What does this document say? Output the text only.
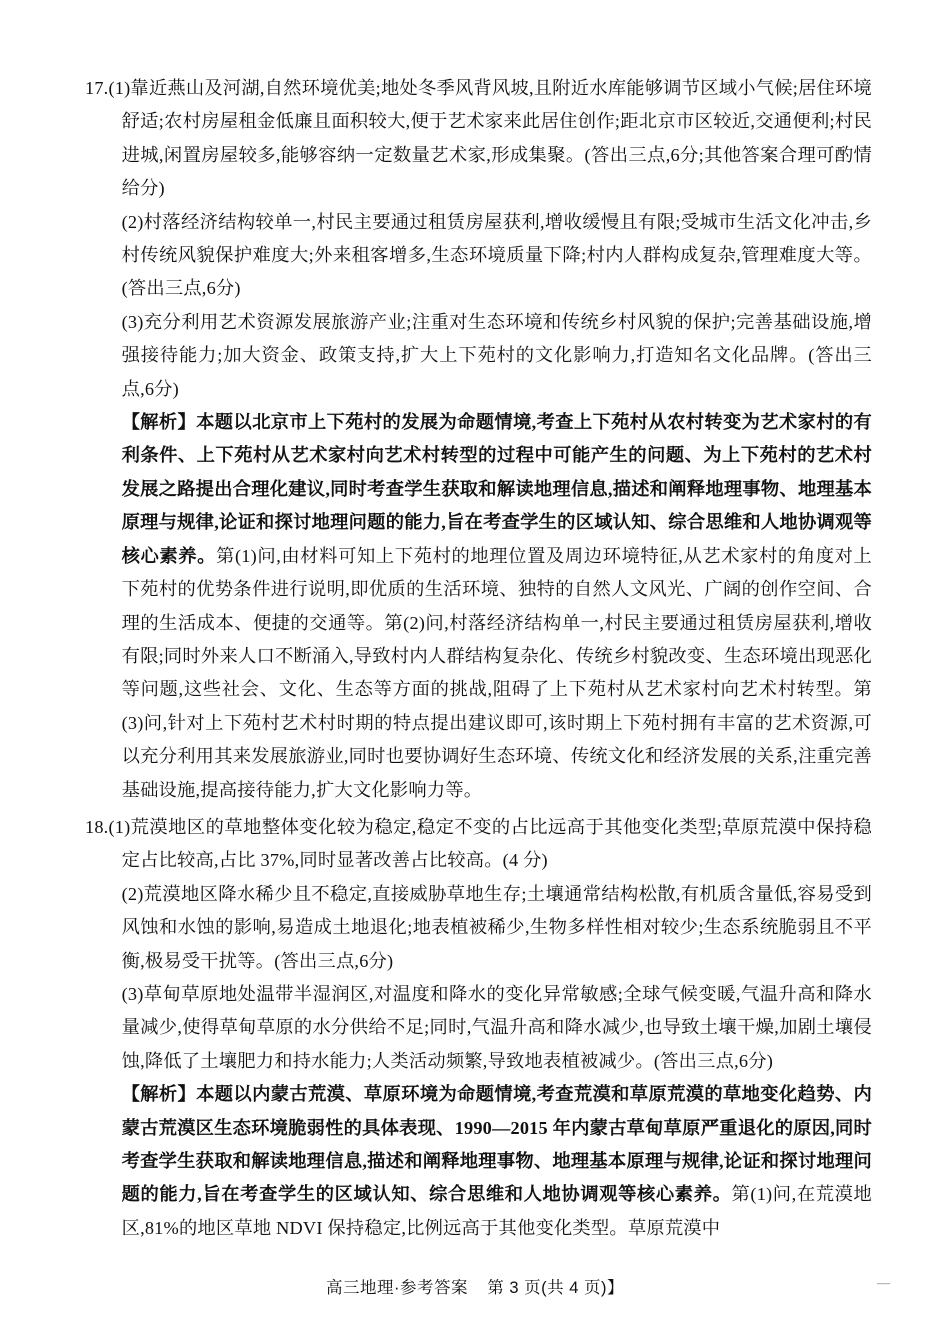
17.(1)靠近燕山及河湖,自然环境优美;地处冬季风背风坡,且附近水库能够调节区域小气候;居住环境舒适;农村房屋租金低廉且面积较大,便于艺术家来此居住创作;距北京市区较近,交通便利;村民进城,闲置房屋较多,能够容纳一定数量艺术家,形成集聚。(答出三点,6分;其他答案合理可酌情给分)
(2)村落经济结构较单一,村民主要通过租赁房屋获利,增收缓慢且有限;受城市生活文化冲击,乡村传统风貌保护难度大;外来租客增多,生态环境质量下降;村内人群构成复杂,管理难度大等。(答出三点,6分)
(3)充分利用艺术资源发展旅游产业;注重对生态环境和传统乡村风貌的保护;完善基础设施,增强接待能力;加大资金、政策支持,扩大上下苑村的文化影响力,打造知名文化品牌。(答出三点,6分)
【解析】本题以北京市上下苑村的发展为命题情境,考查上下苑村从农村转变为艺术家村的有利条件、上下苑村从艺术家村向艺术村转型的过程中可能产生的问题、为上下苑村的艺术村发展之路提出合理化建议,同时考查学生获取和解读地理信息,描述和阐释地理事物、地理基本原理与规律,论证和探讨地理问题的能力,旨在考查学生的区域认知、综合思维和人地协调观等核心素养。第(1)问,由材料可知上下苑村的地理位置及周边环境特征,从艺术家村的角度对上下苑村的优势条件进行说明,即优质的生活环境、独特的自然人文风光、广阔的创作空间、合理的生活成本、便捷的交通等。第(2)问,村落经济结构单一,村民主要通过租赁房屋获利,增收有限;同时外来人口不断涌入,导致村内人群结构复杂化、传统乡村貌改变、生态环境出现恶化等问题,这些社会、文化、生态等方面的挑战,阻碍了上下苑村从艺术家村向艺术村转型。第(3)问,针对上下苑村艺术村时期的特点提出建议即可,该时期上下苑村拥有丰富的艺术资源,可以充分利用其来发展旅游业,同时也要协调好生态环境、传统文化和经济发展的关系,注重完善基础设施,提高接待能力,扩大文化影响力等。
18.(1)荒漠地区的草地整体变化较为稳定,稳定不变的占比远高于其他变化类型;草原荒漠中保持稳定占比较高,占比 37%,同时显著改善占比较高。(4 分)
(2)荒漠地区降水稀少且不稳定,直接威胁草地生存;土壤通常结构松散,有机质含量低,容易受到风蚀和水蚀的影响,易造成土地退化;地表植被稀少,生物多样性相对较少;生态系统脆弱且不平衡,极易受干扰等。(答出三点,6分)
(3)草甸草原地处温带半湿润区,对温度和降水的变化异常敏感;全球气候变暖,气温升高和降水量减少,使得草甸草原的水分供给不足;同时,气温升高和降水减少,也导致土壤干燥,加剧土壤侵蚀,降低了土壤肥力和持水能力;人类活动频繁,导致地表植被减少。(答出三点,6分)
【解析】本题以内蒙古荒漠、草原环境为命题情境,考查荒漠和草原荒漠的草地变化趋势、内蒙古荒漠区生态环境脆弱性的具体表现、1990—2015 年内蒙古草甸草原严重退化的原因,同时考查学生获取和解读地理信息,描述和阐释地理事物、地理基本原理与规律,论证和探讨地理问题的能力,旨在考查学生的区域认知、综合思维和人地协调观等核心素养。第(1)问,在荒漠地区,81%的地区草地 NDVI 保持稳定,比例远高于其他变化类型。草原荒漠中
高三地理·参考答案 第 3 页(共 4 页)】	—
